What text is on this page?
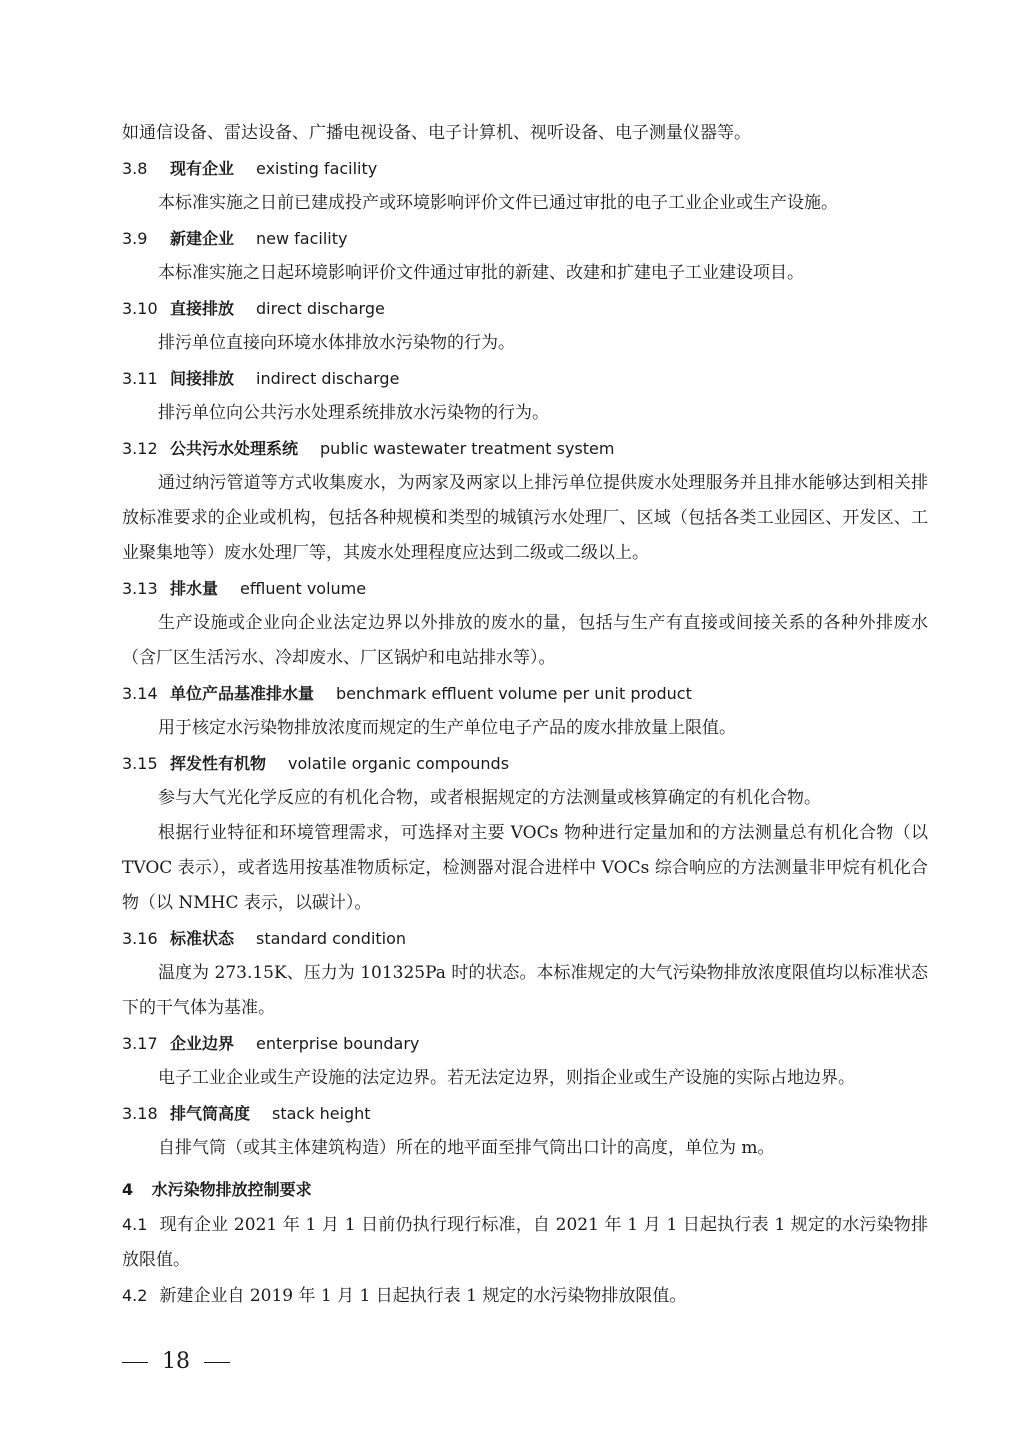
如通信设备、雷达设备、广播电视设备、电子计算机、视听设备、电子测量仪器等。
3.8 现有企业 existing facility

本标准实施之日前已建成投产或环境影响评价文件已通过审批的电子工业企业或生产设施。

3.9 新建企业 new facility

本标准实施之日起环境影响评价文件通过审批的新建、改建和扩建电子工业建设项目。

3.10 直接排放 direct discharge

排污单位直接向环境水体排放水污染物的行为。

3.11 间接排放 indirect discharge

排污单位向公共污水处理系统排放水污染物的行为。

3.12 公共污水处理系统 public wastewater treatment system

通过纳污管道等方式收集废水，为两家及两家以上排污单位提供废水处理服务并且排水能够达到相关排放标准要求的企业或机构，包括各种规模和类型的城镇污水处理厂、区域（包括各类工业园区、开发区、工业聚集地等）废水处理厂等，其废水处理程度应达到二级或二级以上。

3.13 排水量 effluent volume

生产设施或企业向企业法定边界以外排放的废水的量，包括与生产有直接或间接关系的各种外排废水（含厂区生活污水、冷却废水、厂区锅炉和电站排水等）。

3.14 单位产品基准排水量 benchmark effluent volume per unit product

用于核定水污染物排放浓度而规定的生产单位电子产品的废水排放量上限值。

3.15 挥发性有机物 volatile organic compounds

参与大气光化学反应的有机化合物，或者根据规定的方法测量或核算确定的有机化合物。

根据行业特征和环境管理需求，可选择对主要 VOCs 物种进行定量加和的方法测量总有机化合物（以 TVOC 表示），或者选用按基准物质标定，检测器对混合进样中 VOCs 综合响应的方法测量非甲烷有机化合物（以 NMHC 表示，以碳计）。

3.16 标准状态 standard condition

温度为 273.15K、压力为 101325Pa 时的状态。本标准规定的大气污染物排放浓度限值均以标准状态下的干气体为基准。

3.17 企业边界 enterprise boundary

电子工业企业或生产设施的法定边界。若无法定边界，则指企业或生产设施的实际占地边界。

3.18 排气筒高度 stack height

自排气筒（或其主体建筑构造）所在的地平面至排气筒出口计的高度，单位为 m。

4 水污染物排放控制要求

4.1 现有企业 2021 年 1 月 1 日前仍执行现行标准，自 2021 年 1 月 1 日起执行表 1 规定的水污染物排放限值。

4.2 新建企业自 2019 年 1 月 1 日起执行表 1 规定的水污染物排放限值。

18
